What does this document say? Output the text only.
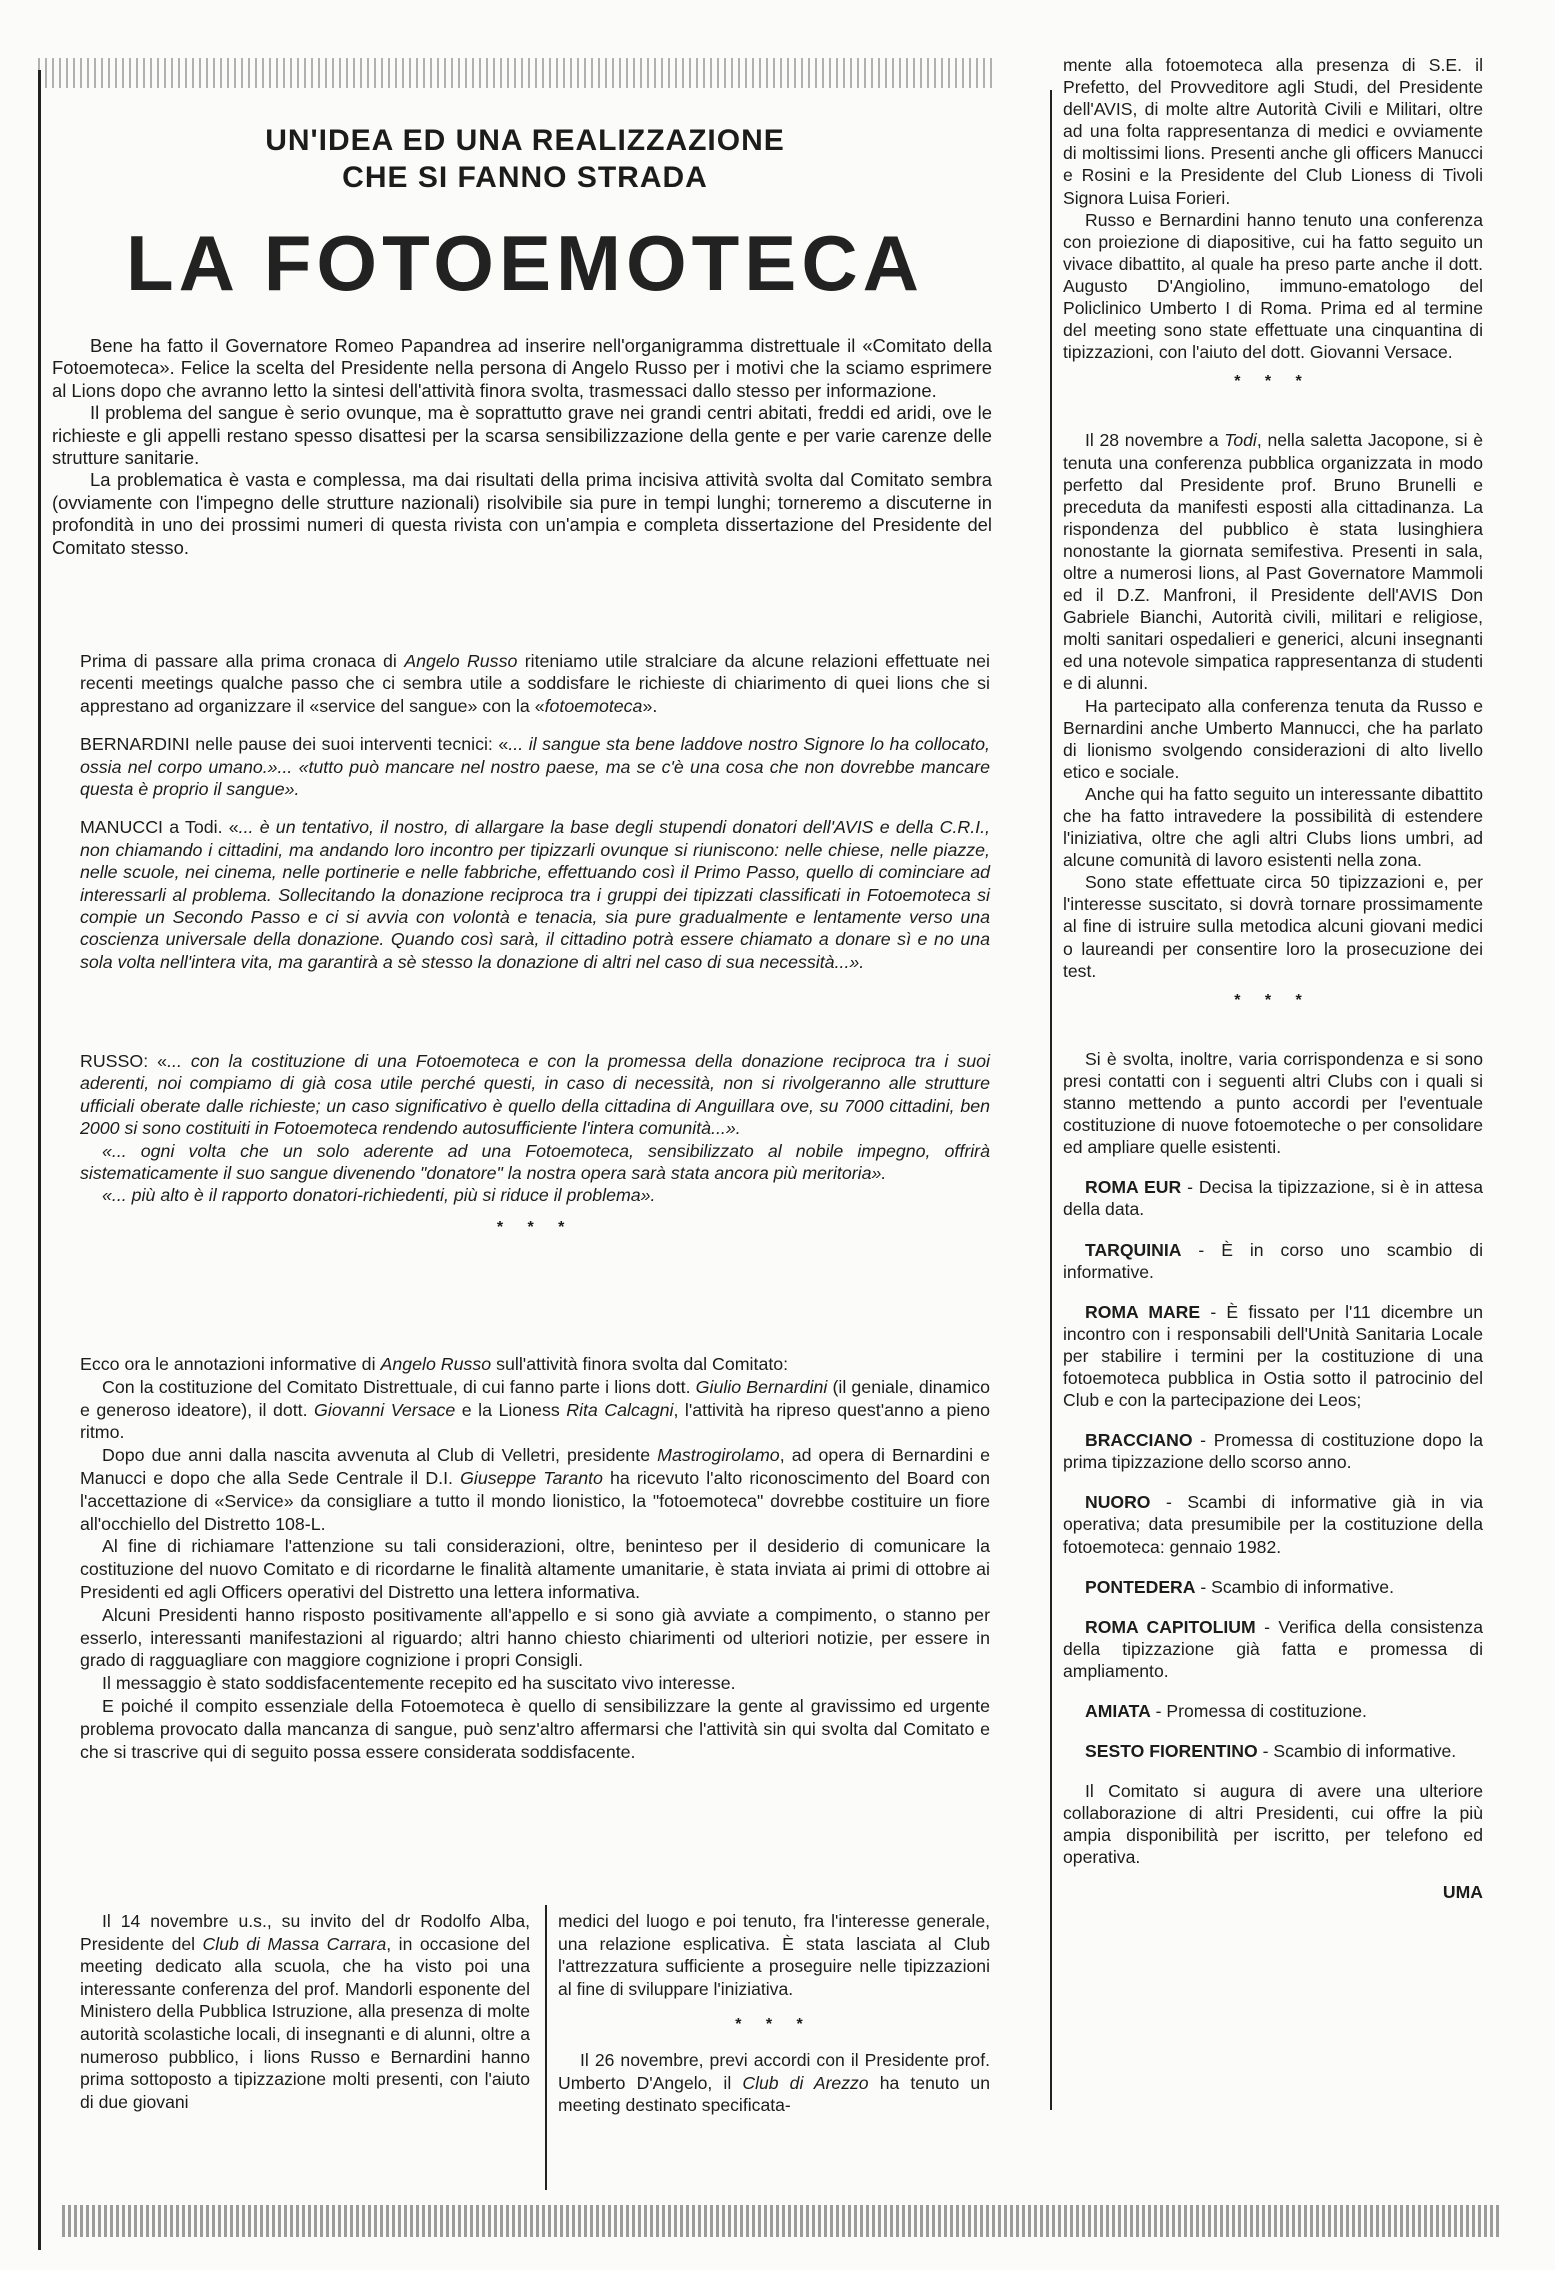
UN'IDEA ED UNA REALIZZAZIONE
CHE SI FANNO STRADA
LA FOTOEMOTECA

Bene ha fatto il Governatore Romeo Papandrea ad inserire nell'organigramma distrettuale il «Comitato della Fotoemoteca». Felice la scelta del Presidente nella persona di Angelo Russo per i motivi che la sciamo esprimere al Lions dopo che avranno letto la sintesi dell'attività finora svolta, trasmessaci dallo stesso per informazione.

Il problema del sangue è serio ovunque, ma è soprattutto grave nei grandi centri abitati, freddi ed aridi, ove le richieste e gli appelli restano spesso disattesi per la scarsa sensibilizzazione della gente e per varie carenze delle strutture sanitarie.

La problematica è vasta e complessa, ma dai risultati della prima incisiva attività svolta dal Comitato sembra (ovviamente con l'impegno delle strutture nazionali) risolvibile sia pure in tempi lunghi; torneremo a discuterne in profondità in uno dei prossimi numeri di questa rivista con un'ampia e completa dissertazione del Presidente del Comitato stesso.

Prima di passare alla prima cronaca di Angelo Russo riteniamo utile stralciare da alcune relazioni effettuate nei recenti meetings qualche passo che ci sembra utile a soddisfare le richieste di chiarimento di quei lions che si apprestano ad organizzare il «service del sangue» con la «fotoemoteca».

BERNARDINI nelle pause dei suoi interventi tecnici: «... il sangue sta bene laddove nostro Signore lo ha collocato, ossia nel corpo umano.»... «tutto può mancare nel nostro paese, ma se c'è una cosa che non dovrebbe mancare questa è proprio il sangue».

MANUCCI a Todi. «... è un tentativo, il nostro, di allargare la base degli stupendi donatori dell'AVIS e della C.R.I., non chiamando i cittadini, ma andando loro incontro per tipizzarli ovunque si riuniscono: nelle chiese, nelle piazze, nelle scuole, nei cinema, nelle portinerie e nelle fabbriche, effettuando così il Primo Passo, quello di cominciare ad interessarli al problema. Sollecitando la donazione reciproca tra i gruppi dei tipizzati classificati in Fotoemoteca si compie un Secondo Passo e ci si avvia con volontà e tenacia, sia pure gradualmente e lentamente verso una coscienza universale della donazione. Quando così sarà, il cittadino potrà essere chiamato a donare sì e no una sola volta nell'intera vita, ma garantirà a sè stesso la donazione di altri nel caso di sua necessità...».

RUSSO: «... con la costituzione di una Fotoemoteca e con la promessa della donazione reciproca tra i suoi aderenti, noi compiamo di già cosa utile perché questi, in caso di necessità, non si rivolgeranno alle strutture ufficiali oberate dalle richieste; un caso significativo è quello della cittadina di Anguillara ove, su 7000 cittadini, ben 2000 si sono costituiti in Fotoemoteca rendendo autosufficiente l'intera comunità...».

«... ogni volta che un solo aderente ad una Fotoemoteca, sensibilizzato al nobile impegno, offrirà sistematicamente il suo sangue divenendo "donatore" la nostra opera sarà stata ancora più meritoria».

«... più alto è il rapporto donatori-richiedenti, più si riduce il problema».

* * *

Ecco ora le annotazioni informative di Angelo Russo sull'attività finora svolta dal Comitato:

Con la costituzione del Comitato Distrettuale, di cui fanno parte i lions dott. Giulio Bernardini (il geniale, dinamico e generoso ideatore), il dott. Giovanni Versace e la Lioness Rita Calcagni, l'attività ha ripreso quest'anno a pieno ritmo.

Dopo due anni dalla nascita avvenuta al Club di Velletri, presidente Mastrogirolamo, ad opera di Bernardini e Manucci e dopo che alla Sede Centrale il D.I. Giuseppe Taranto ha ricevuto l'alto riconoscimento del Board con l'accettazione di «Service» da consigliare a tutto il mondo lionistico, la "fotoemoteca" dovrebbe costituire un fiore all'occhiello del Distretto 108-L.

Al fine di richiamare l'attenzione su tali considerazioni, oltre, beninteso per il desiderio di comunicare la costituzione del nuovo Comitato e di ricordarne le finalità altamente umanitarie, è stata inviata ai primi di ottobre ai Presidenti ed agli Officers operativi del Distretto una lettera informativa.

Alcuni Presidenti hanno risposto positivamente all'appello e si sono già avviate a compimento, o stanno per esserlo, interessanti manifestazioni al riguardo; altri hanno chiesto chiarimenti od ulteriori notizie, per essere in grado di ragguagliare con maggiore cognizione i propri Consigli.

Il messaggio è stato soddisfacentemente recepito ed ha suscitato vivo interesse.

E poiché il compito essenziale della Fotoemoteca è quello di sensibilizzare la gente al gravissimo ed urgente problema provocato dalla mancanza di sangue, può senz'altro affermarsi che l'attività sin qui svolta dal Comitato e che si trascrive qui di seguito possa essere considerata soddisfacente.

Il 14 novembre u.s., su invito del dr Rodolfo Alba, Presidente del Club di Massa Carrara, in occasione del meeting dedicato alla scuola, che ha visto poi una interessante conferenza del prof. Mandorli esponente del Ministero della Pubblica Istruzione, alla presenza di molte autorità scolastiche locali, di insegnanti e di alunni, oltre a numeroso pubblico, i lions Russo e Bernardini hanno prima sottoposto a tipizzazione molti presenti, con l'aiuto di due giovani

medici del luogo e poi tenuto, fra l'interesse generale, una relazione esplicativa. È stata lasciata al Club l'attrezzatura sufficiente a proseguire nelle tipizzazioni al fine di sviluppare l'iniziativa.

* * *

Il 26 novembre, previ accordi con il Presidente prof. Umberto D'Angelo, il Club di Arezzo ha tenuto un meeting destinato specificata-

mente alla fotoemoteca alla presenza di S.E. il Prefetto, del Provveditore agli Studi, del Presidente dell'AVIS, di molte altre Autorità Civili e Militari, oltre ad una folta rappresentanza di medici e ovviamente di moltissimi lions. Presenti anche gli officers Manucci e Rosini e la Presidente del Club Lioness di Tivoli Signora Luisa Forieri.

Russo e Bernardini hanno tenuto una conferenza con proiezione di diapositive, cui ha fatto seguito un vivace dibattito, al quale ha preso parte anche il dott. Augusto D'Angiolino, immuno-ematologo del Policlinico Umberto I di Roma. Prima ed al termine del meeting sono state effettuate una cinquantina di tipizzazioni, con l'aiuto del dott. Giovanni Versace.

* * *

Il 28 novembre a Todi, nella saletta Jacopone, si è tenuta una conferenza pubblica organizzata in modo perfetto dal Presidente prof. Bruno Brunelli e preceduta da manifesti esposti alla cittadinanza. La rispondenza del pubblico è stata lusinghiera nonostante la giornata semifestiva. Presenti in sala, oltre a numerosi lions, al Past Governatore Mammoli ed il D.Z. Manfroni, il Presidente dell'AVIS Don Gabriele Bianchi, Autorità civili, militari e religiose, molti sanitari ospedalieri e generici, alcuni insegnanti ed una notevole simpatica rappresentanza di studenti e di alunni.

Ha partecipato alla conferenza tenuta da Russo e Bernardini anche Umberto Mannucci, che ha parlato di lionismo svolgendo considerazioni di alto livello etico e sociale.

Anche qui ha fatto seguito un interessante dibattito che ha fatto intravedere la possibilità di estendere l'iniziativa, oltre che agli altri Clubs lions umbri, ad alcune comunità di lavoro esistenti nella zona.

Sono state effettuate circa 50 tipizzazioni e, per l'interesse suscitato, si dovrà tornare prossimamente al fine di istruire sulla metodica alcuni giovani medici o laureandi per consentire loro la prosecuzione dei test.

* * *

Si è svolta, inoltre, varia corrispondenza e si sono presi contatti con i seguenti altri Clubs con i quali si stanno mettendo a punto accordi per l'eventuale costituzione di nuove fotoemoteche o per consolidare ed ampliare quelle esistenti.

ROMA EUR - Decisa la tipizzazione, si è in attesa della data.

TARQUINIA - È in corso uno scambio di informative.

ROMA MARE - È fissato per l'11 dicembre un incontro con i responsabili dell'Unità Sanitaria Locale per stabilire i termini per la costituzione di una fotoemoteca pubblica in Ostia sotto il patrocinio del Club e con la partecipazione dei Leos;

BRACCIANO - Promessa di costituzione dopo la prima tipizzazione dello scorso anno.

NUORO - Scambi di informative già in via operativa; data presumibile per la costituzione della fotoemoteca: gennaio 1982.

PONTEDERA - Scambio di informative.

ROMA CAPITOLIUM - Verifica della consistenza della tipizzazione già fatta e promessa di ampliamento.

AMIATA - Promessa di costituzione.

SESTO FIORENTINO - Scambio di informative.

Il Comitato si augura di avere una ulteriore collaborazione di altri Presidenti, cui offre la più ampia disponibilità per iscritto, per telefono ed operativa.

UMA
